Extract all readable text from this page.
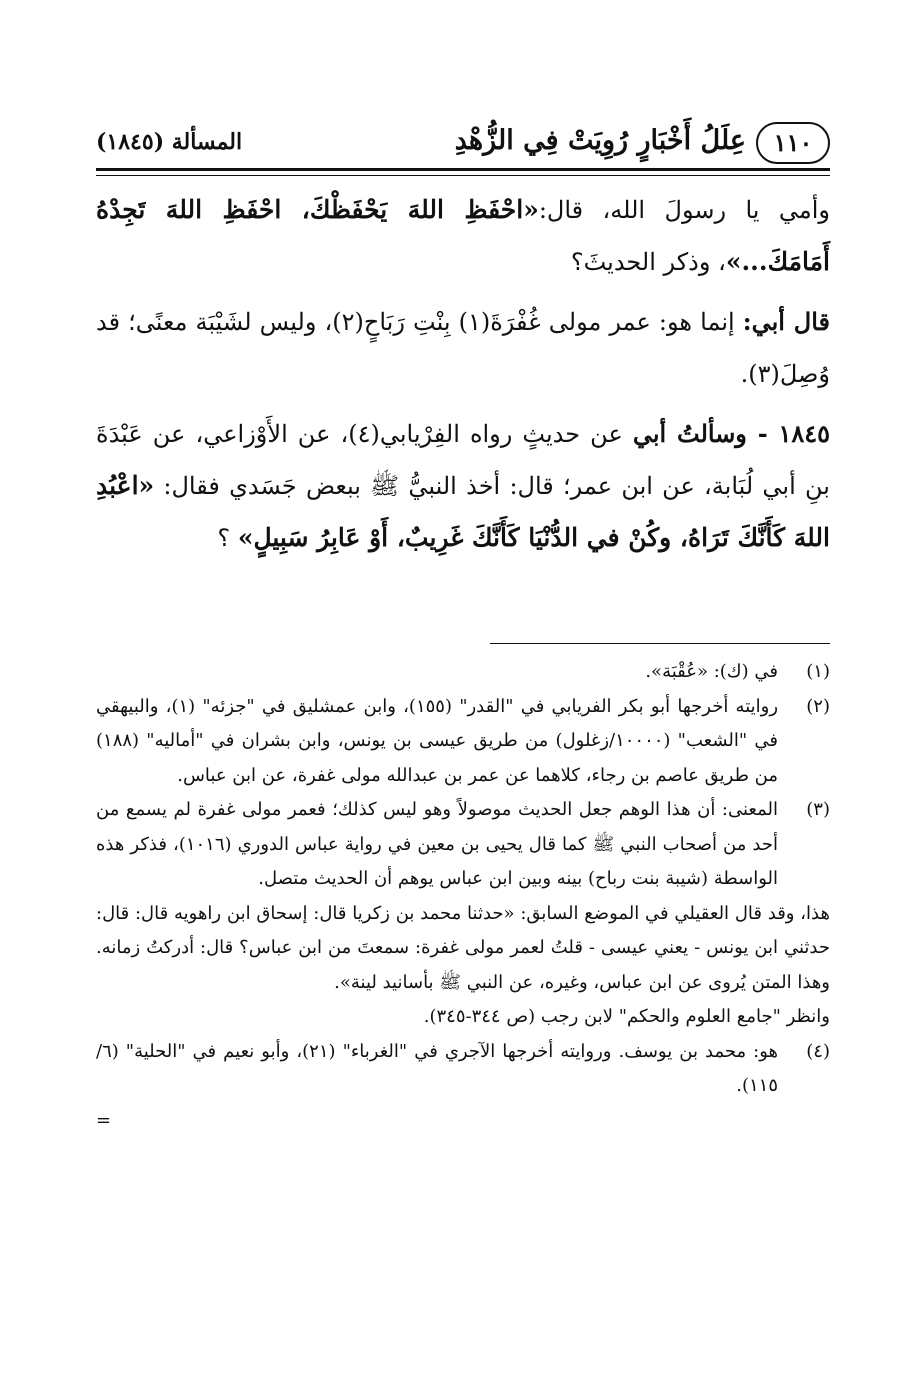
١١٠
عِلَلُ أَخْبَارٍ رُوِيَتْ فِي الزُّهْدِ
المسألة (١٨٤٥)

وأمي يا رسولَ الله، قال:«احْفَظِ اللهَ يَحْفَظْكَ، احْفَظِ اللهَ تَجِدْهُ أَمَامَكَ...»، وذكر الحديثَ؟

قال أبي: إنما هو: عمر مولى غُفْرَةَ(١) بِنْتِ رَبَاحٍ(٢)، وليس لشَيْبَة معنًى؛ قد وُصِلَ(٣).

١٨٤٥ - وسألتُ أبي عن حديثٍ رواه الفِرْيابي(٤)، عن الأَوْزاعي، عن عَبْدَةَ بنِ أبي لُبَابة، عن ابن عمر؛ قال: أخذ النبيُّ ﷺ ببعض جَسَدي فقال: «اعْبُدِ اللهَ كَأَنَّكَ تَرَاهُ، وكُنْ في الدُّنْيَا كَأَنَّكَ غَرِيبٌ، أَوْ عَابِرُ سَبِيلٍ» ؟

(١)
في (ك): «عُقْبَة».
(٢)
روايته أخرجها أبو بكر الفريابي في "القدر" (١٥٥)، وابن عمشليق في "جزئه" (١)، والبيهقي في "الشعب" (١٠٠٠٠/زغلول) من طريق عيسى بن يونس، وابن بشران في "أماليه" (١٨٨) من طريق عاصم بن رجاء، كلاهما عن عمر بن عبدالله مولى غفرة، عن ابن عباس.
(٣)
المعنى: أن هذا الوهم جعل الحديث موصولاً وهو ليس كذلك؛ فعمر مولى غفرة لم يسمع من أحد من أصحاب النبي ﷺ كما قال يحيى بن معين في رواية عباس الدوري (١٠١٦)، فذكر هذه الواسطة (شيبة بنت رباح) بينه وبين ابن عباس يوهم أن الحديث متصل.
هذا، وقد قال العقيلي في الموضع السابق: «حدثنا محمد بن زكريا قال: إسحاق ابن راهويه قال: قال: حدثني ابن يونس - يعني عيسى - قلتُ لعمر مولى غفرة: سمعتَ من ابن عباس؟ قال: أدركتُ زمانه. وهذا المتن يُروى عن ابن عباس، وغيره، عن النبي ﷺ بأسانيد لينة».
وانظر "جامع العلوم والحكم" لابن رجب (ص ٣٤٤-٣٤٥).
(٤)
هو: محمد بن يوسف. وروايته أخرجها الآجري في "الغرباء" (٢١)، وأبو نعيم في "الحلية" (٦/ ١١٥).
=
